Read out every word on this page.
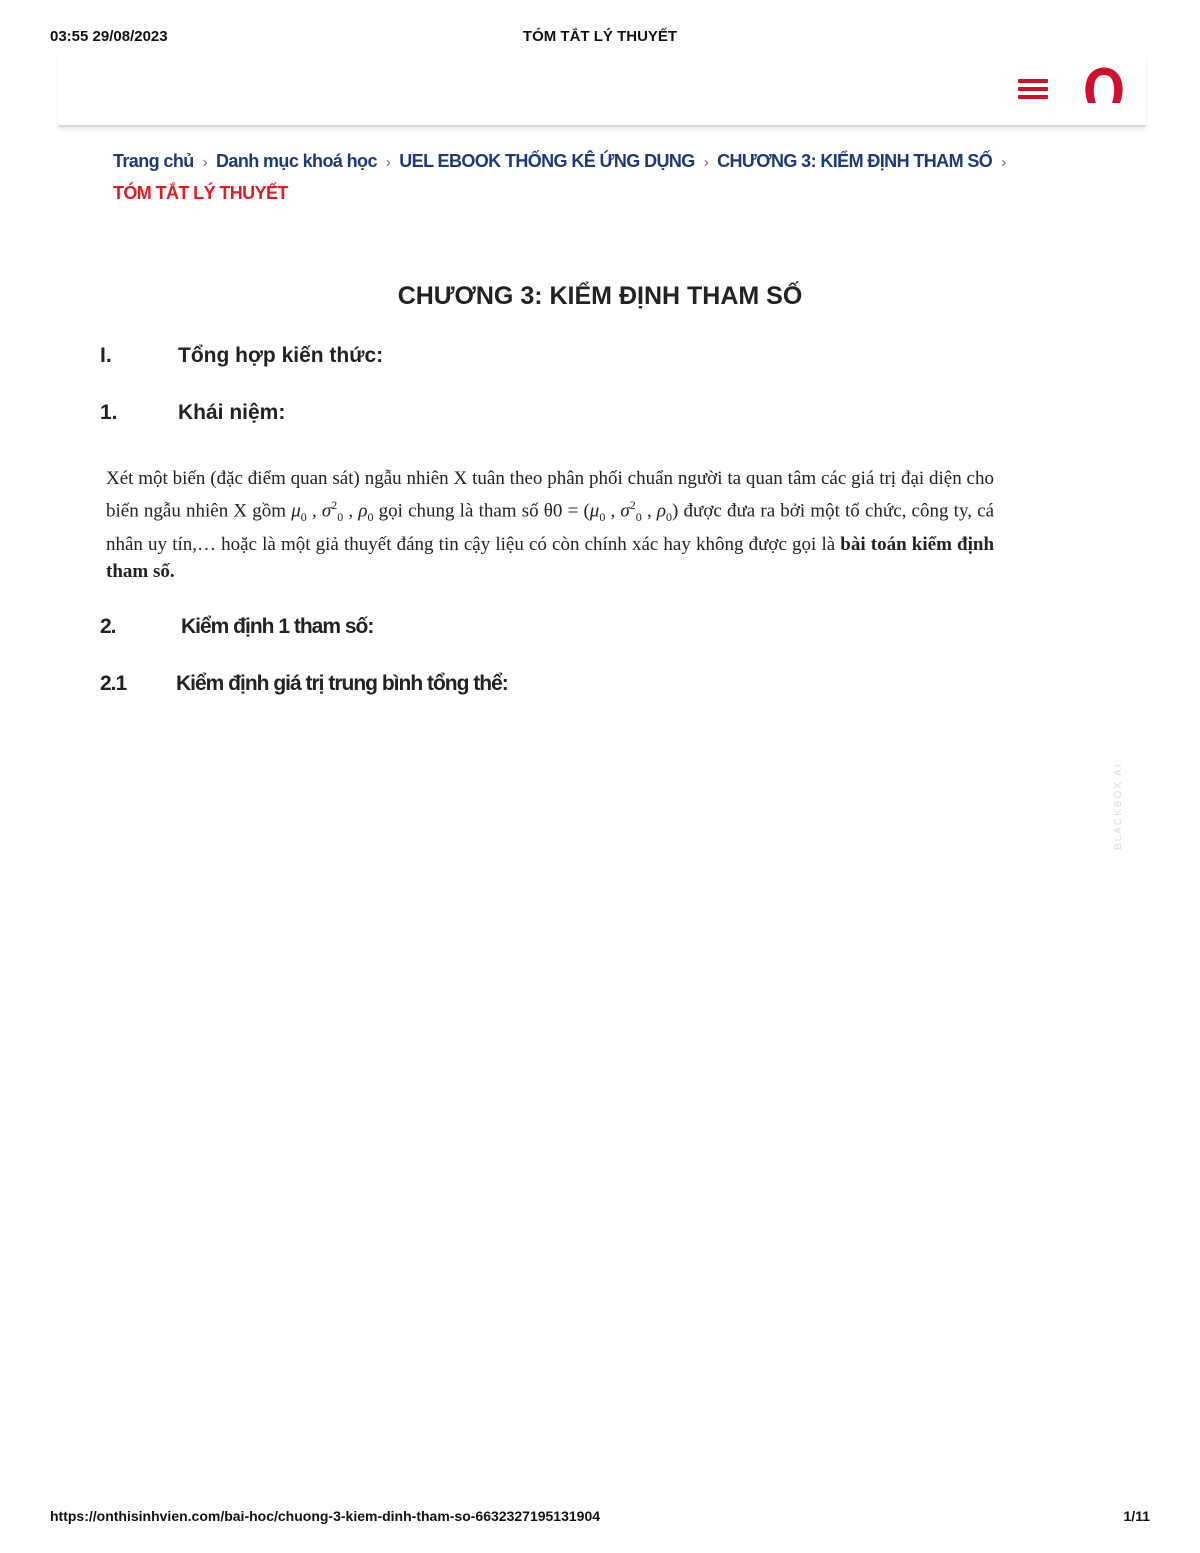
03:55 29/08/2023	TÓM TẮT LÝ THUYẾT
Trang chủ › Danh mục khoá học › UEL EBOOK THỐNG KÊ ỨNG DỤNG › CHƯƠNG 3: KIỂM ĐỊNH THAM SỐ ›
TÓM TẮT LÝ THUYẾT
CHƯƠNG 3: KIỂM ĐỊNH THAM SỐ
I.	Tổng hợp kiến thức:
1.	Khái niệm:

Xét một biến (đặc điểm quan sát) ngẫu nhiên X tuân theo phân phối chuẩn người ta quan tâm các giá trị đại diện cho biến ngẫu nhiên X gồm $\mu_0$ , $\sigma^2_0$ , $\rho_0$ gọi chung là tham số $\theta 0 = (\mu_0$ , $\sigma^2_0$ , $\rho_0$) được đưa ra bởi một tổ chức, công ty, cá nhân uy tín,… hoặc là một giả thuyết đáng tin cậy liệu có còn chính xác hay không được gọi là bài toán kiểm định tham số.

2.	Kiểm định 1 tham số:
2.1 Kiểm định giá trị trung bình tổng thể:
BLACKBOX AI
https://onthisinhvien.com/bai-hoc/chuong-3-kiem-dinh-tham-so-6632327195131904	1/11
